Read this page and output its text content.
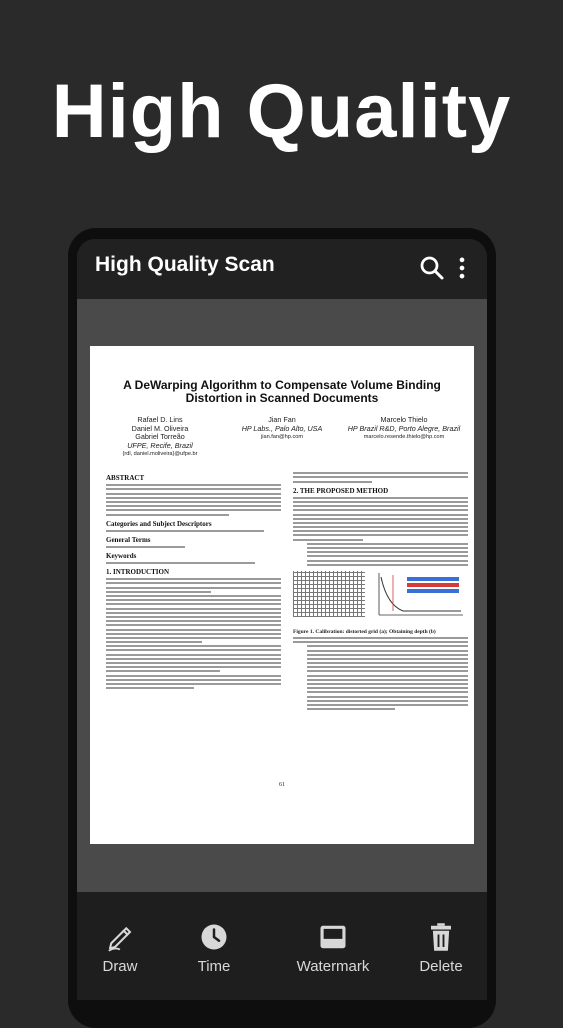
High Quality
High Quality Scan
A DeWarping Algorithm to Compensate Volume Binding
Distortion in Scanned Documents
Rafael D. Lins
Daniel M. Oliveira
Gabriel Torreão
UFPE, Recife, Brazil
{rdl, daniel.moliveira}@ufpe.br
Jian Fan
HP Labs., Palo Alto, USA
jian.fan@hp.com
Marcelo Thielo
HP Brazil R&D, Porto Alegre, Brazil
marcelo.resende.thielo@hp.com
ABSTRACT
Categories and Subject Descriptors
General Terms
Keywords
1. INTRODUCTION
2. THE PROPOSED METHOD
Figure 1. Calibration: distorted grid (a); Obtaining depth (b)
61
Draw	Time	Watermark	Delete
